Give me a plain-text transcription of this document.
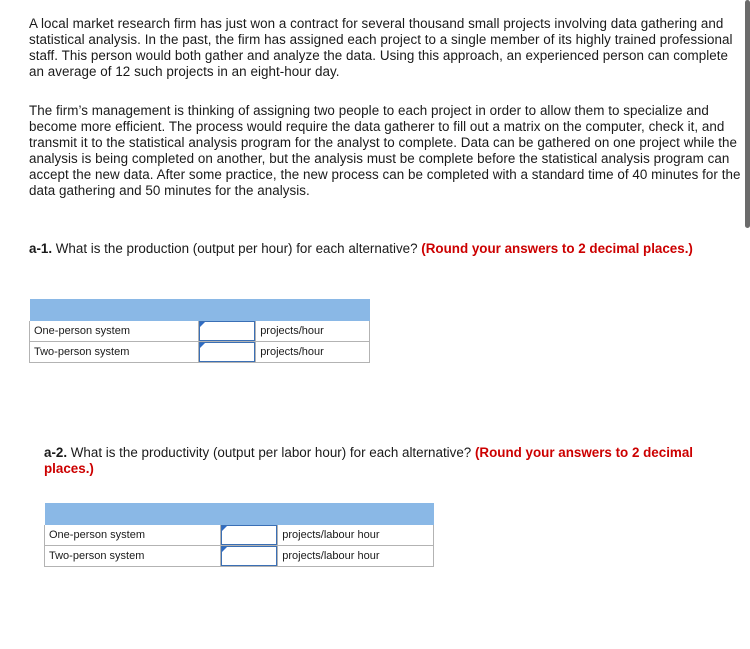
A local market research firm has just won a contract for several thousand small projects involving data gathering and statistical analysis. In the past, the firm has assigned each project to a single member of its highly trained professional staff. This person would both gather and analyze the data. Using this approach, an experienced person can complete an average of 12 such projects in an eight-hour day.

The firm’s management is thinking of assigning two people to each project in order to allow them to specialize and become more efficient. The process would require the data gatherer to fill out a matrix on the computer, check it, and transmit it to the statistical analysis program for the analyst to complete. Data can be gathered on one project while the analysis is being completed on another, but the analysis must be complete before the statistical analysis program can accept the new data. After some practice, the new process can be completed with a standard time of 40 minutes for the data gathering and 50 minutes for the analysis.

a-1. What is the production (output per hour) for each alternative? (Round your answers to 2 decimal places.)

One-person system		projects/hour
Two-person system		projects/hour

a-2. What is the productivity (output per labor hour) for each alternative? (Round your answers to 2 decimal places.)

One-person system		projects/labour hour
Two-person system		projects/labour hour
